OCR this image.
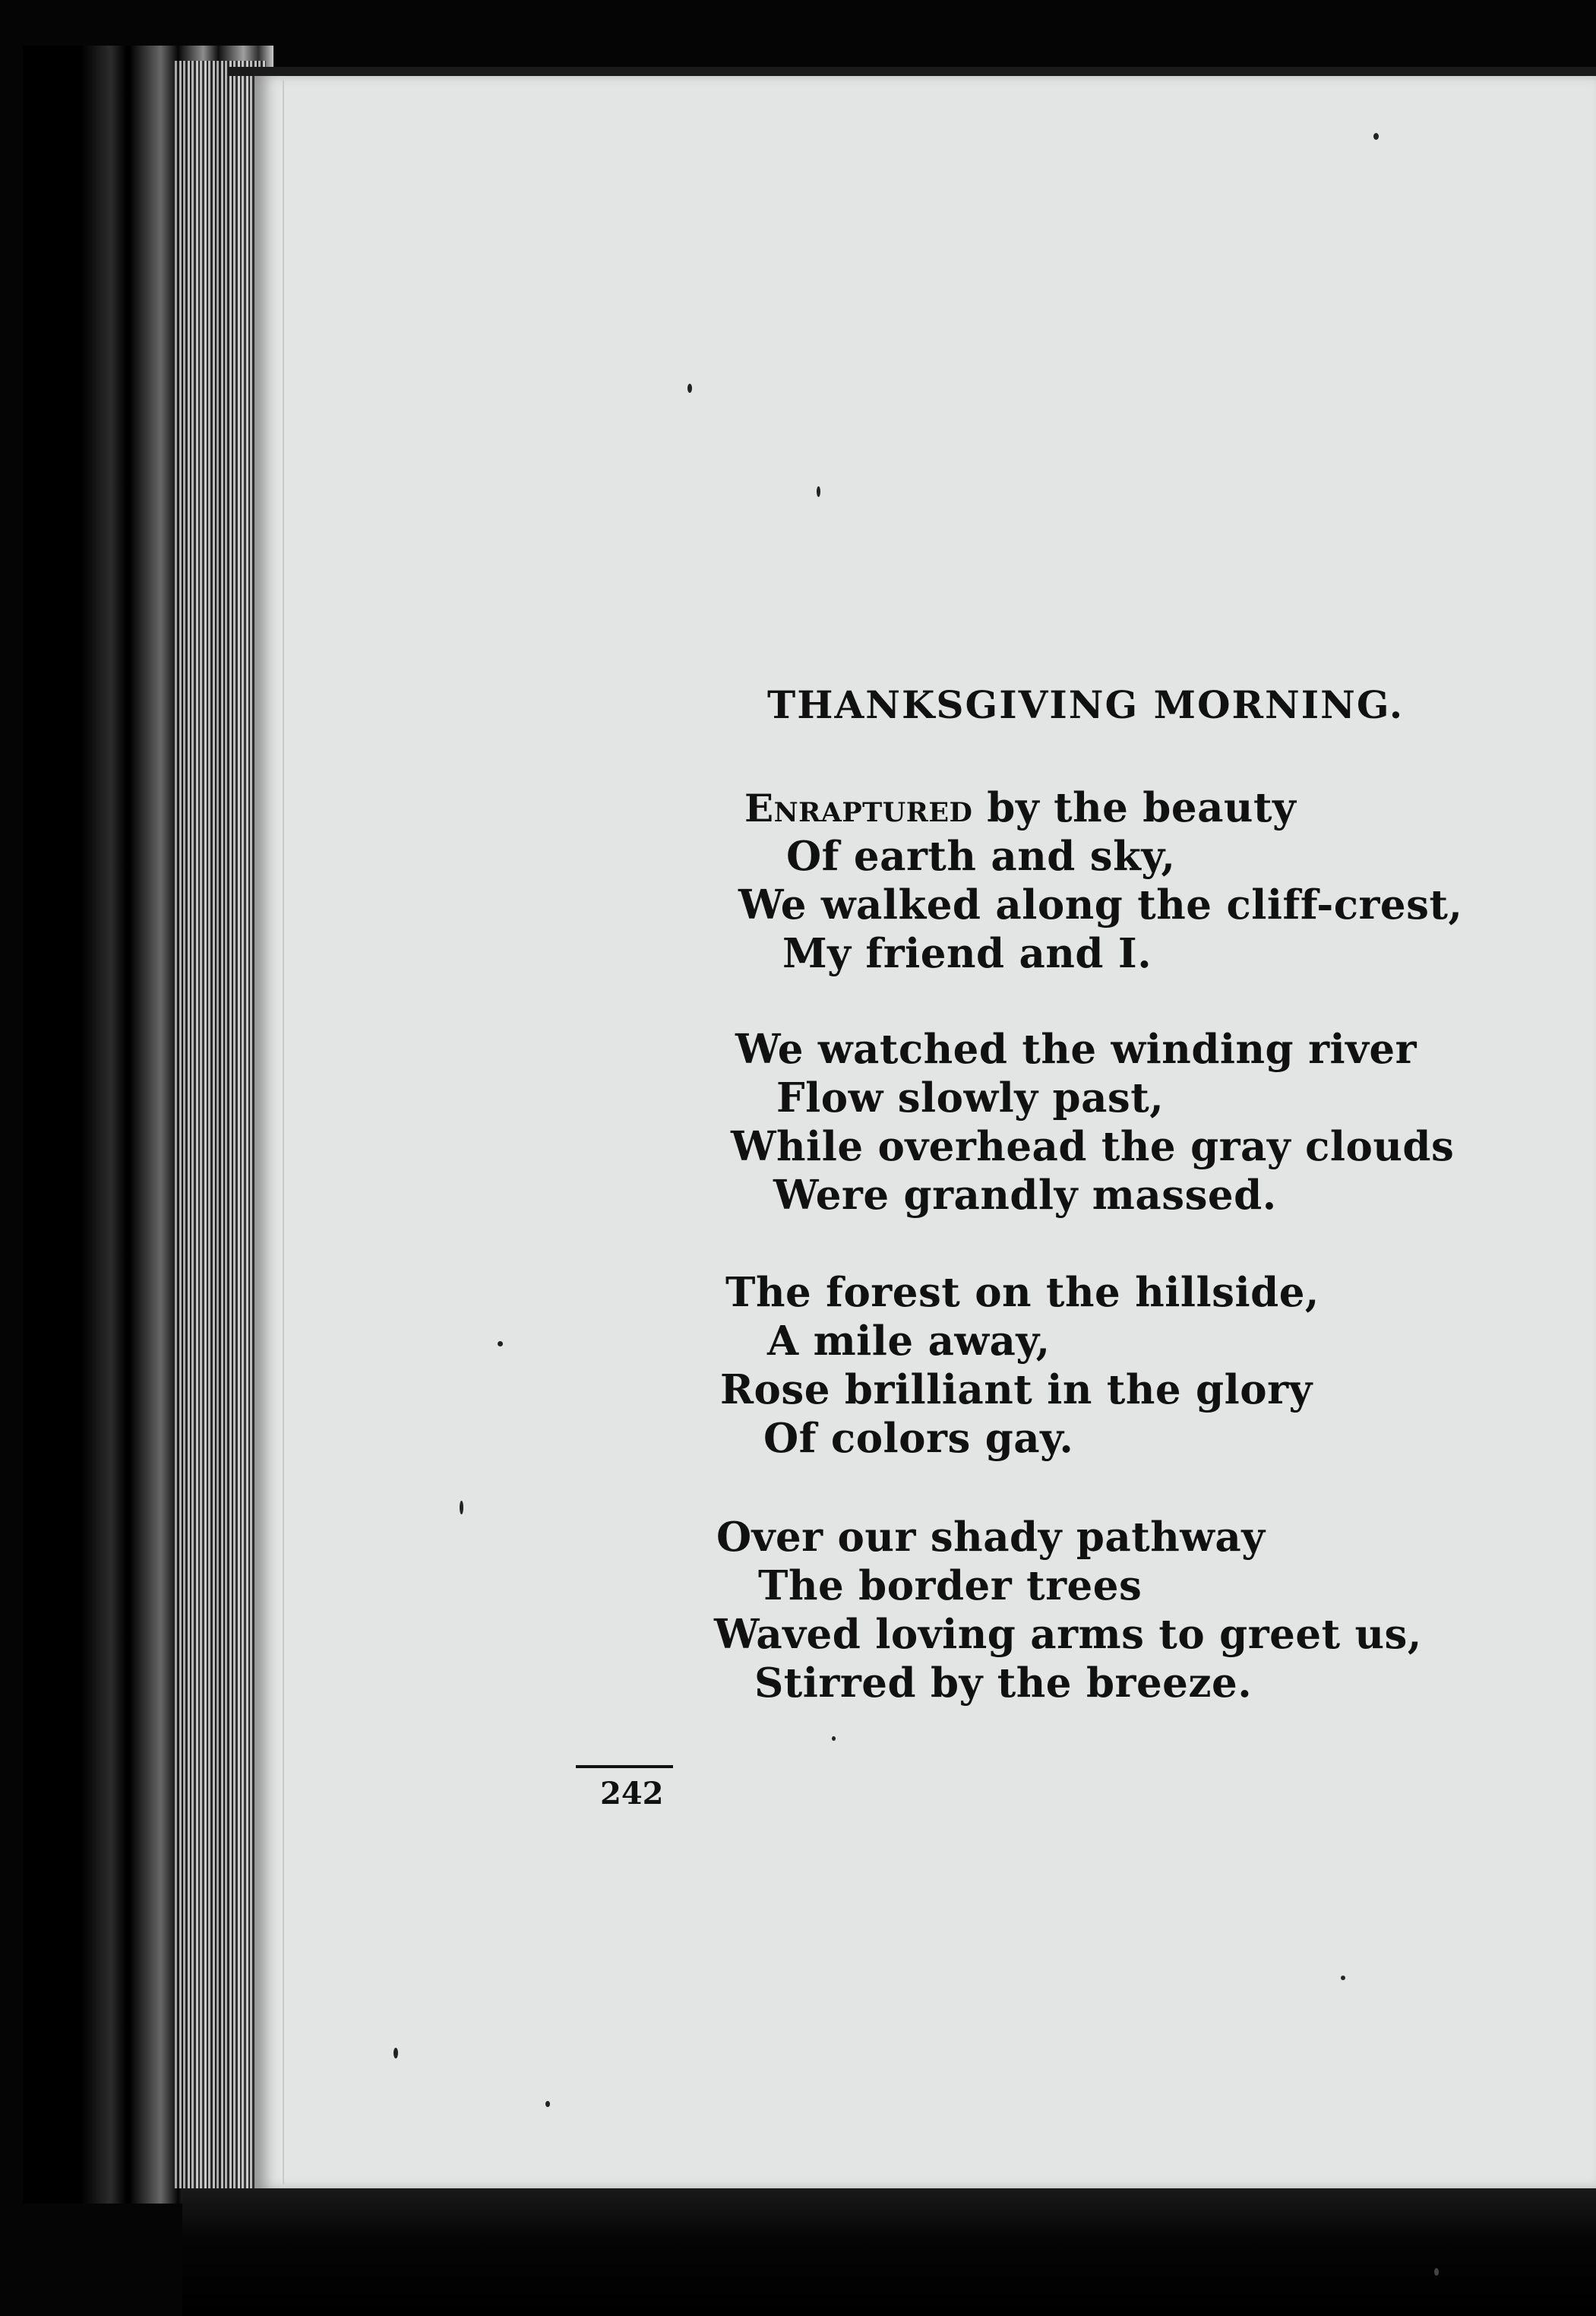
THANKSGIVING MORNING.
Enraptured by the beauty
Of earth and sky,
We walked along the cliff-crest,
My friend and I.
We watched the winding river
Flow slowly past,
While overhead the gray clouds
Were grandly massed.
The forest on the hillside,
A mile away,
Rose brilliant in the glory
Of colors gay.
Over our shady pathway
The border trees
Waved loving arms to greet us,
Stirred by the breeze.
242
